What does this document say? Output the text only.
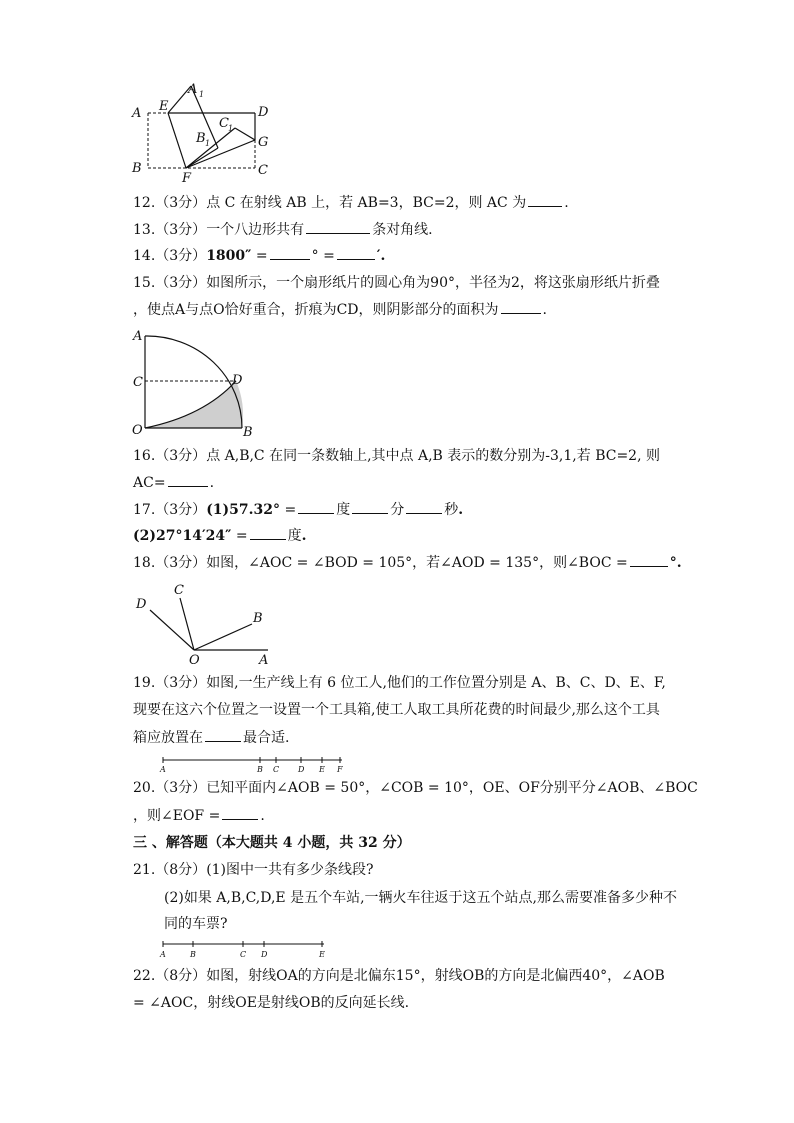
A
A 1
E	D
B 1
C 1
G
B
F
C
12.（3分）点 C 在射线 AB 上，若 AB=3，BC=2，则 AC 为	.
13.（3分）一个八边形共有	条对角线.
14.（3分）1800″ =	° =	′.
15.（3分）如图所示，一个扇形纸片的圆心角为90°，半径为2，将这张扇形纸片折叠
，使点A与点O恰好重合，折痕为CD，则阴影部分的面积为	.
A
C	D
O	B
16.（3分）点 A,B,C 在同一条数轴上,其中点 A,B 表示的数分别为-3,1,若 BC=2, 则
AC=	.
17.（3分）(1)57.32° =	度	分	秒.
(2)27°14′24″ =	度.
18.（3分）如图，∠AOC = ∠BOD = 105°，若∠AOD = 135°，则∠BOC =	°.
D
C
B
O	A
19.（3分）如图,一生产线上有 6 位工人,他们的工作位置分别是 A、B、C、D、E、F,
现要在这六个位置之一设置一个工具箱,使工人取工具所花费的时间最少,那么这个工具
箱应放置在	最合适.
A	B C D E F
20.（3分）已知平面内∠AOB = 50°，∠COB = 10°，OE、OF分别平分∠AOB、∠BOC
，则∠EOF =	.
三 、解答题（本大题共 4 小题，共 32 分）
21.（8分）(1)图中一共有多少条线段?
(2)如果 A,B,C,D,E 是五个车站,一辆火车往返于这五个站点,那么需要准备多少种不
同的车票?
A	B	C D	E
22.（8分）如图，射线OA的方向是北偏东15°，射线OB的方向是北偏西40°，∠AOB
= ∠AOC，射线OE是射线OB的反向延长线.
